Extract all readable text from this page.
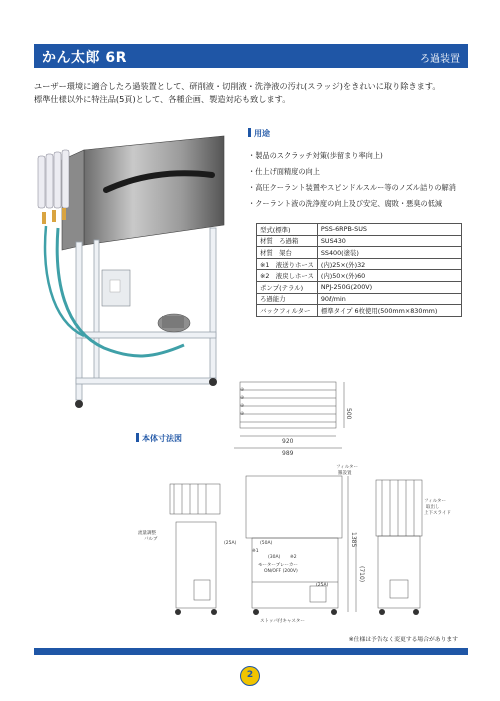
かん太郎 6R	ろ過装置
ユーザー環境に適合したろ過装置として、研削液・切削液・洗浄液の汚れ(スラッジ)をきれいに取り除きます。
標準仕様以外に特注品(5頁)として、各種企画、製造対応も致します。
用途
・製品のスクラッチ対策(歩留まり率向上)
・仕上げ面精度の向上
・高圧クーラント装置やスピンドルスルー等のノズル詰りの解消
・クーラント液の洗浄度の向上及び安定、腐敗・悪臭の低減
型式(標準)	PSS-6RPB-SUS
材質　ろ過箱	SUS430
材質　架台	SS400(塗装)
※1　液送りホース	(内)25×(外)32
※2　液戻しホース	(内)50×(外)60
ポンプ(テラル)	NPJ-250G(200V)
ろ過能力	90ℓ/min
バックフィルター	標準タイプ 6枚使用(500mm×830mm)
⊕
⊕
⊕
⊕	500
920
989
本体寸法図
流量調整
バルブ
(25A)	(50A)
(30A)
※1
※2
モーターブレーカー
ON/OFF (200V)
(25A)
ストッパ付キャスター
フィルター
羅設置
フィルター
取出し
上下スライド
1385
(710)
※仕様は予告なく変更する場合があります
2
